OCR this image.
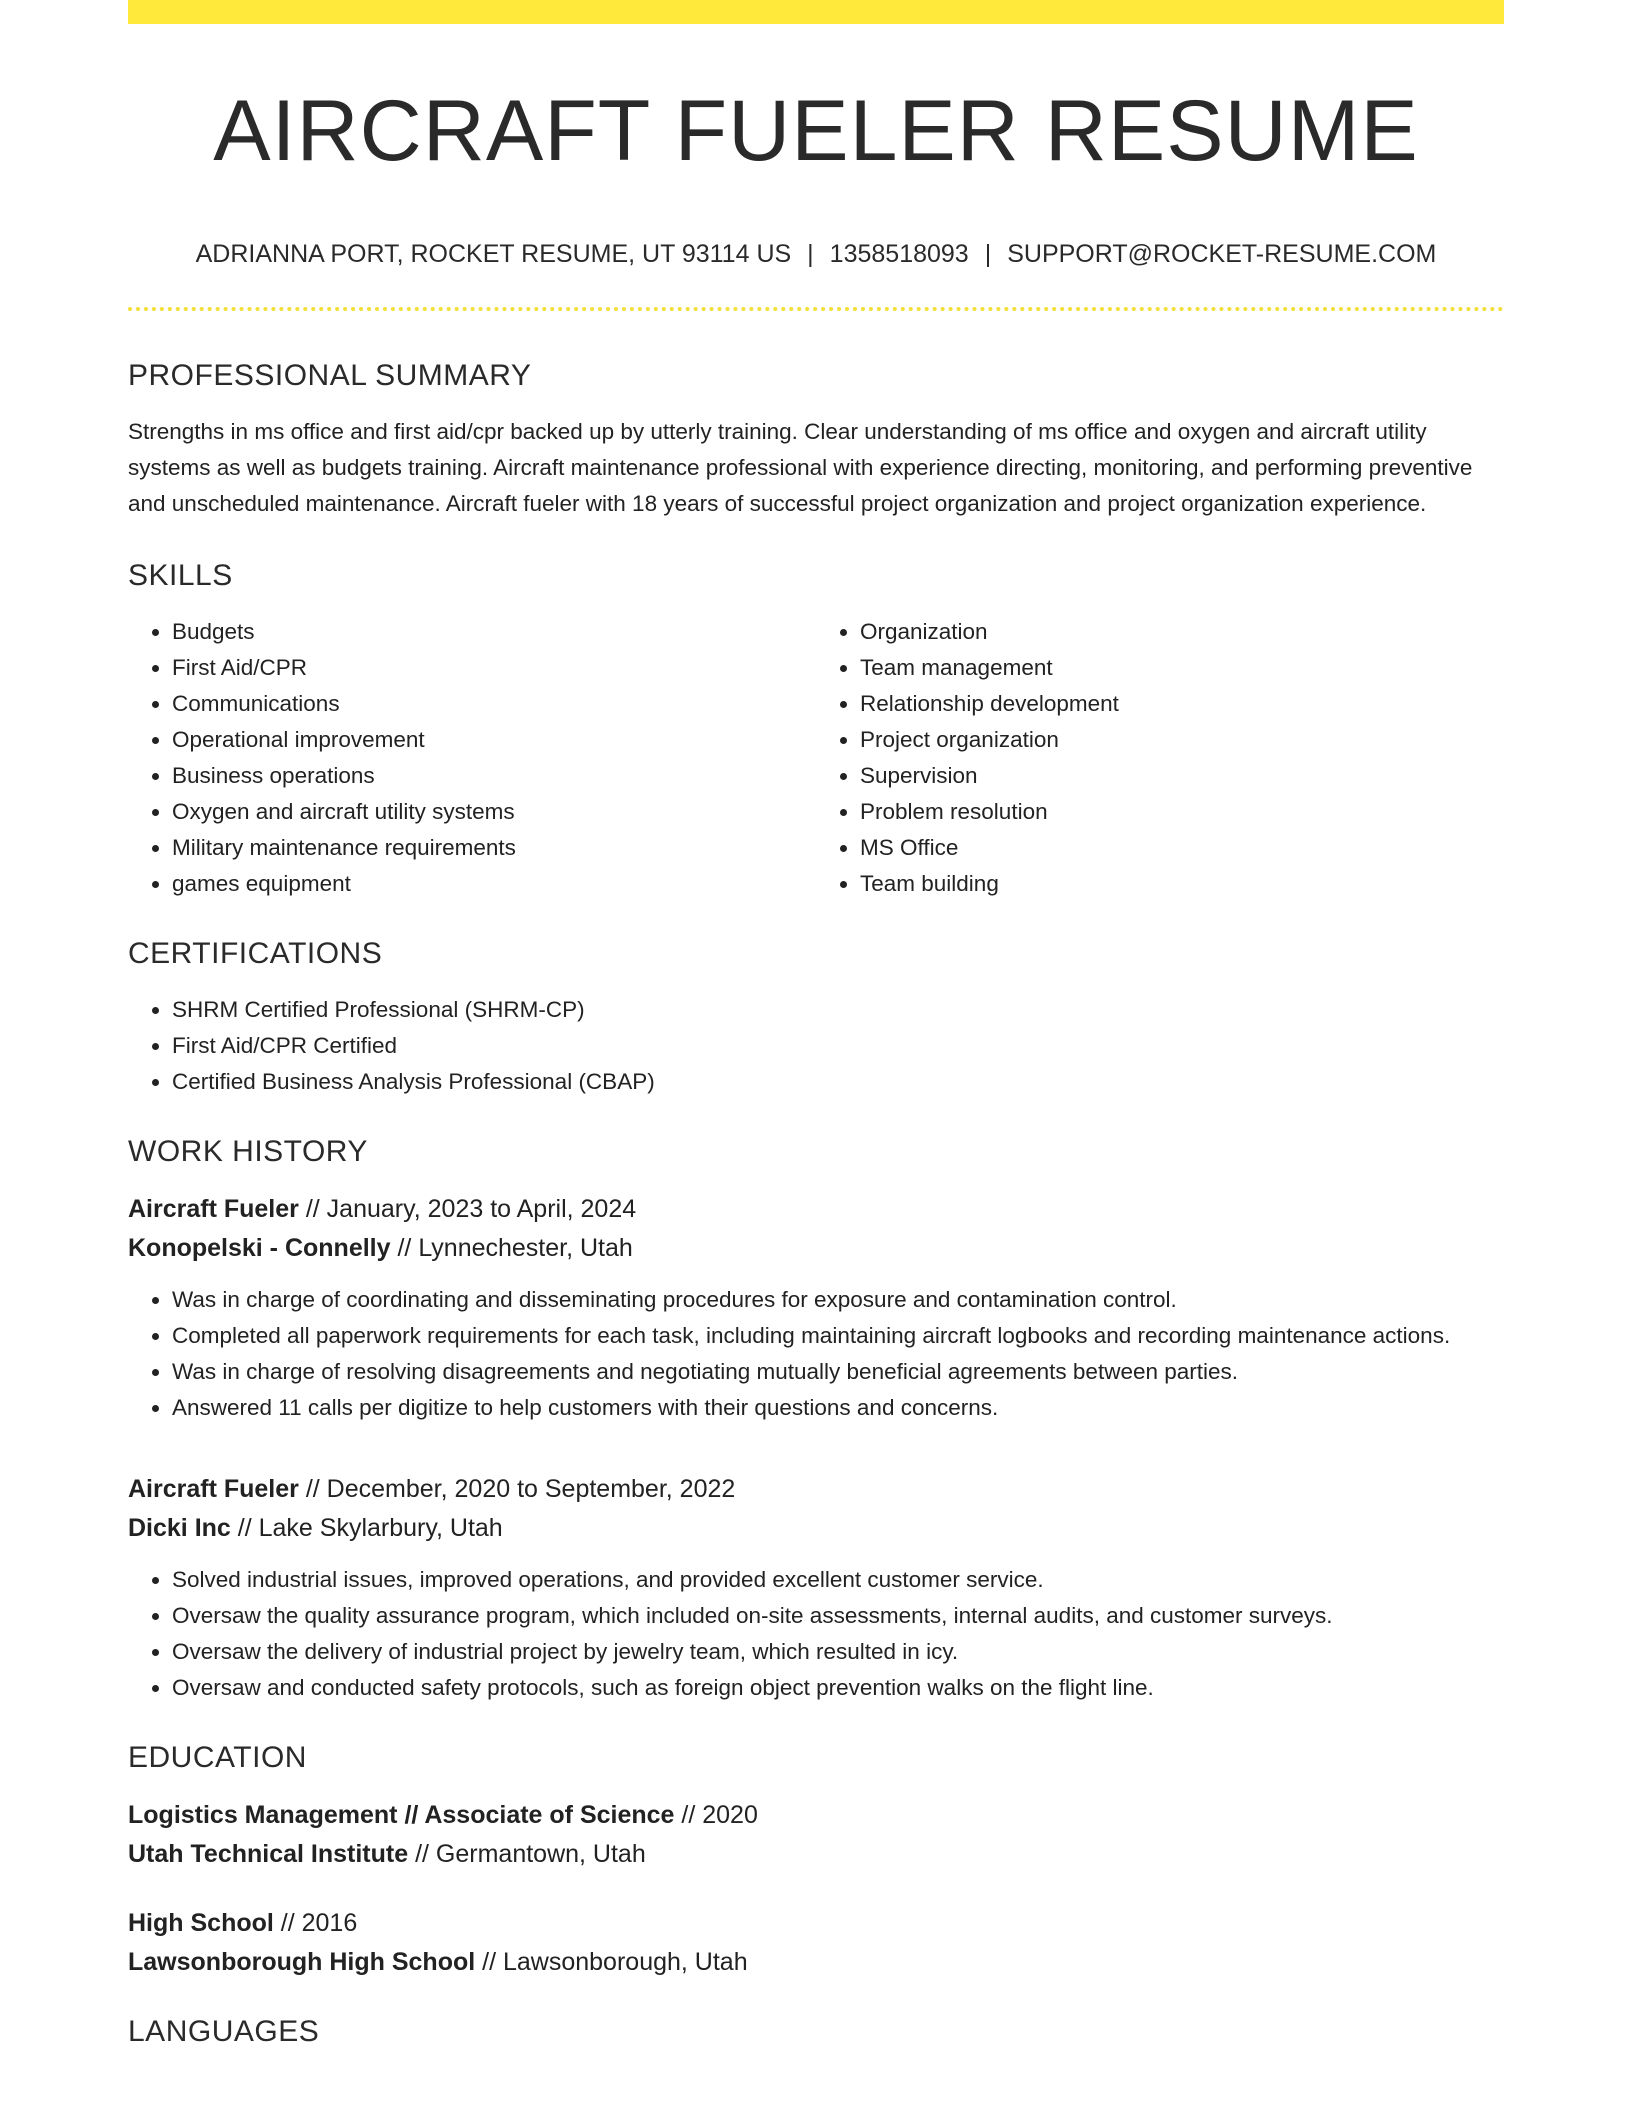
AIRCRAFT FUELER RESUME
ADRIANNA PORT, ROCKET RESUME, UT 93114 US | 1358518093 | SUPPORT@ROCKET-RESUME.COM
PROFESSIONAL SUMMARY

Strengths in ms office and first aid/cpr backed up by utterly training. Clear understanding of ms office and oxygen and aircraft utility systems as well as budgets training. Aircraft maintenance professional with experience directing, monitoring, and performing preventive and unscheduled maintenance. Aircraft fueler with 18 years of successful project organization and project organization experience.

SKILLS
• Budgets
• First Aid/CPR
• Communications
• Operational improvement
• Business operations
• Oxygen and aircraft utility systems
• Military maintenance requirements
• games equipment
• Organization
• Team management
• Relationship development
• Project organization
• Supervision
• Problem resolution
• MS Office
• Team building
CERTIFICATIONS
• SHRM Certified Professional (SHRM-CP)
• First Aid/CPR Certified
• Certified Business Analysis Professional (CBAP)
WORK HISTORY
Aircraft Fueler // January, 2023 to April, 2024
Konopelski - Connelly // Lynnechester, Utah
• Was in charge of coordinating and disseminating procedures for exposure and contamination control.
• Completed all paperwork requirements for each task, including maintaining aircraft logbooks and recording maintenance actions.
• Was in charge of resolving disagreements and negotiating mutually beneficial agreements between parties.
• Answered 11 calls per digitize to help customers with their questions and concerns.
Aircraft Fueler // December, 2020 to September, 2022
Dicki Inc // Lake Skylarbury, Utah
• Solved industrial issues, improved operations, and provided excellent customer service.
• Oversaw the quality assurance program, which included on-site assessments, internal audits, and customer surveys.
• Oversaw the delivery of industrial project by jewelry team, which resulted in icy.
• Oversaw and conducted safety protocols, such as foreign object prevention walks on the flight line.
EDUCATION
Logistics Management // Associate of Science // 2020
Utah Technical Institute // Germantown, Utah
High School // 2016
Lawsonborough High School // Lawsonborough, Utah
LANGUAGES
